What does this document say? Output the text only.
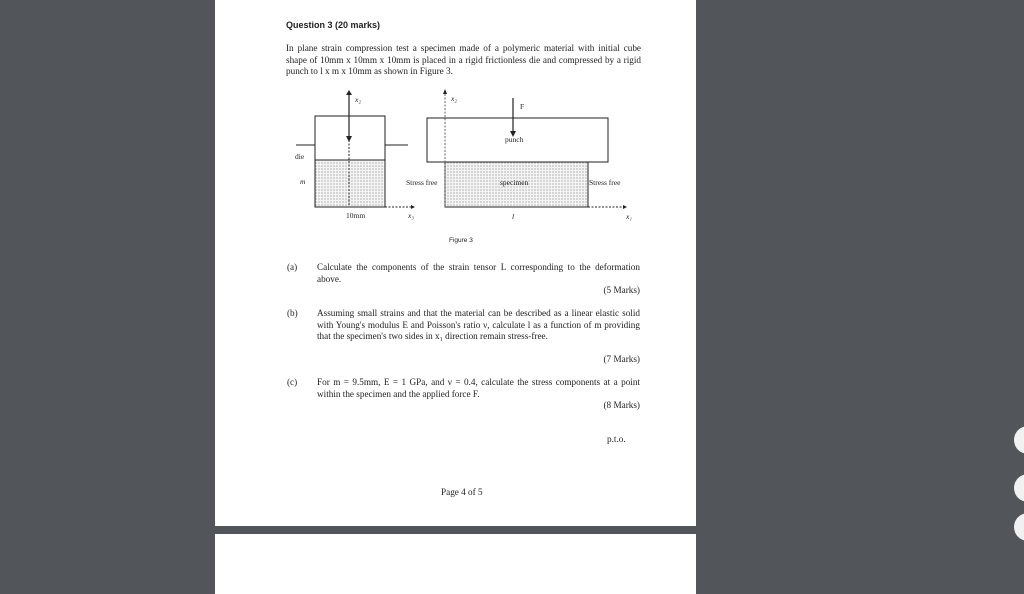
Question 3 (20 marks)
In plane strain compression test a specimen made of a polymeric material with initial cube shape of 10mm x 10mm x 10mm is placed in a rigid frictionless die and compressed by a rigid punch to l x m x 10mm as shown in Figure 3.
x₂
die
m
10mm	x₃
x₂
F
punch
Stress free	specimen	Stress free
l	x₁
Figure 3
(a) Calculate the components of the strain tensor L corresponding to the deformation above.
(5 Marks)
(b) Assuming small strains and that the material can be described as a linear elastic solid with Young's modulus E and Poisson's ratio ν, calculate l as a function of m providing that the specimen's two sides in x₁ direction remain stress-free.
(7 Marks)
(c) For m = 9.5mm, E = 1 GPa, and ν = 0.4, calculate the stress components at a point within the specimen and the applied force F.
(8 Marks)
p.t.o.
Page 4 of 5
